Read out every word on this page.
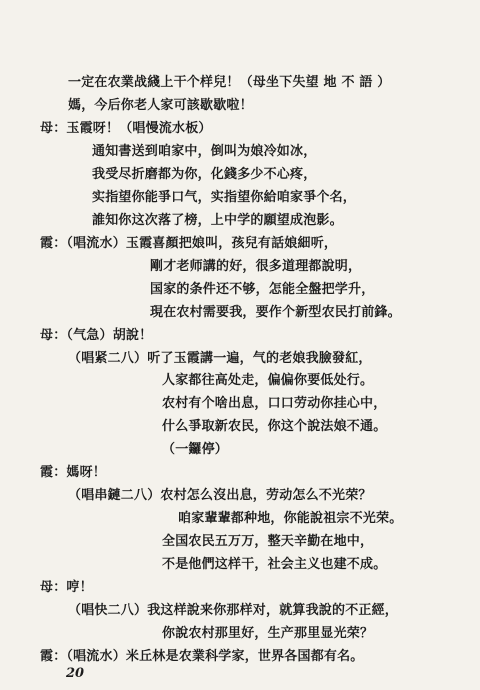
一定在农業战綫上干个样兒！（母坐下失望 地 不 語 ）
媽，今后你老人家可該歇歇啦！
母：玉霞呀！（唱慢流水板）
通知書送到咱家中，倒叫为娘冷如冰，
我受尽折磨都为你，化錢多少不心疼，
实指望你能爭口气，实指望你給咱家爭个名，
誰知你这次落了榜，上中学的願望成泡影。
霞：（唱流水）玉霞喜顏把娘叫，孩兒有話娘細听，
剛才老师講的好，很多道理都說明，
国家的条件还不够，怎能全盤把学升，
現在农村需要我，要作个新型农民打前鋒。
母：（气急）胡說！
（唱紧二八）听了玉霞講一遍，气的老娘我臉發紅，
人家都往高处走，偏偏你要低处行。
农村有个啥出息，口口劳动你挂心中，
什么爭取新农民，你这个說法娘不通。
（一鑼停）
霞：媽呀！
（唱串鏈二八）农村怎么沒出息，劳动怎么不光荣？
咱家輩輩都种地，你能說祖宗不光荣。
全国农民五万万，整天辛勤在地中，
不是他們这样干，社会主义也建不成。
母：哼！
（唱快二八）我这样說来你那样对，就算我說的不正經，
你說农村那里好，生产那里显光荣？
霞：（唱流水）米丘林是农業科学家，世界各国都有名。
20
